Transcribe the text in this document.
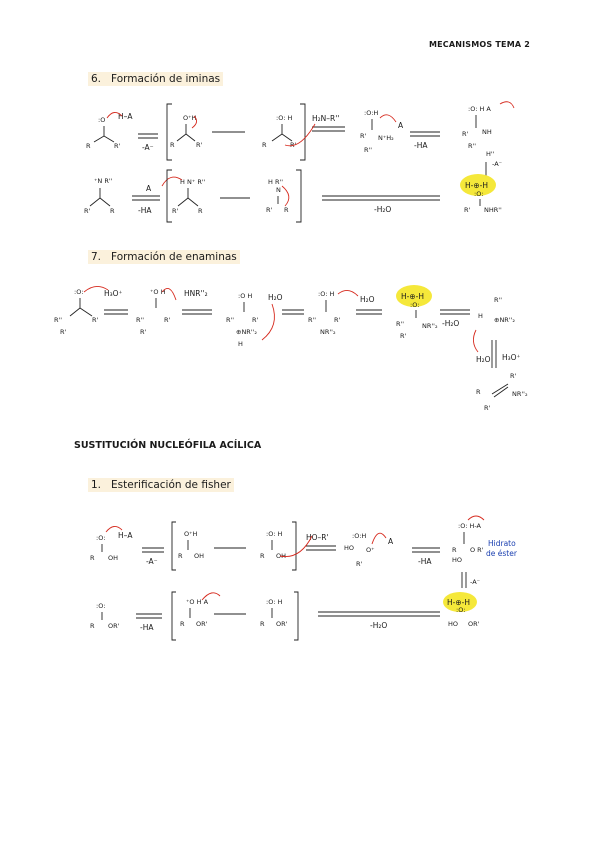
MECANISMOS TEMA 2
6. Formación de iminas
7. Formación de enaminas
SUSTITUCIÓN NUCLEÓFILA ACÍLICA
1. Esterificación de fisher
:O
R	R'
H–A
-A⁻
O⁺H
R	R'
:O: H
R	R'
H₂N–R''
:O:H
R' N⁺H₂
R''
A
-HA
:O: H A
R' NH
R''
H''
-A⁻
⁺N R''
R'	R
A
-HA
H N⁺ R''
R'	R
H R''
N
R' R	-H₂O
H-⊕-H
:O:
R' NHR''
:O:
R''	R'
R'
H₃O⁺	⁺O H
R''	R'
R'
HNR''₂	:O H
R''	R'
⊕NR''₂
H
H₂O	:O: H
R''	R'
NR''₂
H₂O	H-⊕-H
:O:
R''	NR''₂
R'
-H₂O
R''
H ⊕NR''₂
H₂O H₃O⁺
R'
R	NR''₂
R'
:O:
R OH
H–A
-A⁻
O⁺H
R OH
:O: H
R OH
HO–R'	:O:H
HO O⁺
R'
A
-HA
:O: H-A
R O R'
HO
Hidrato
de éster
-A⁻
:O:
R OR'	-HA
⁺O H A
R OR'
:O: H
R OR'	-H₂O
H-⊕-H
:O:
HO OR'
